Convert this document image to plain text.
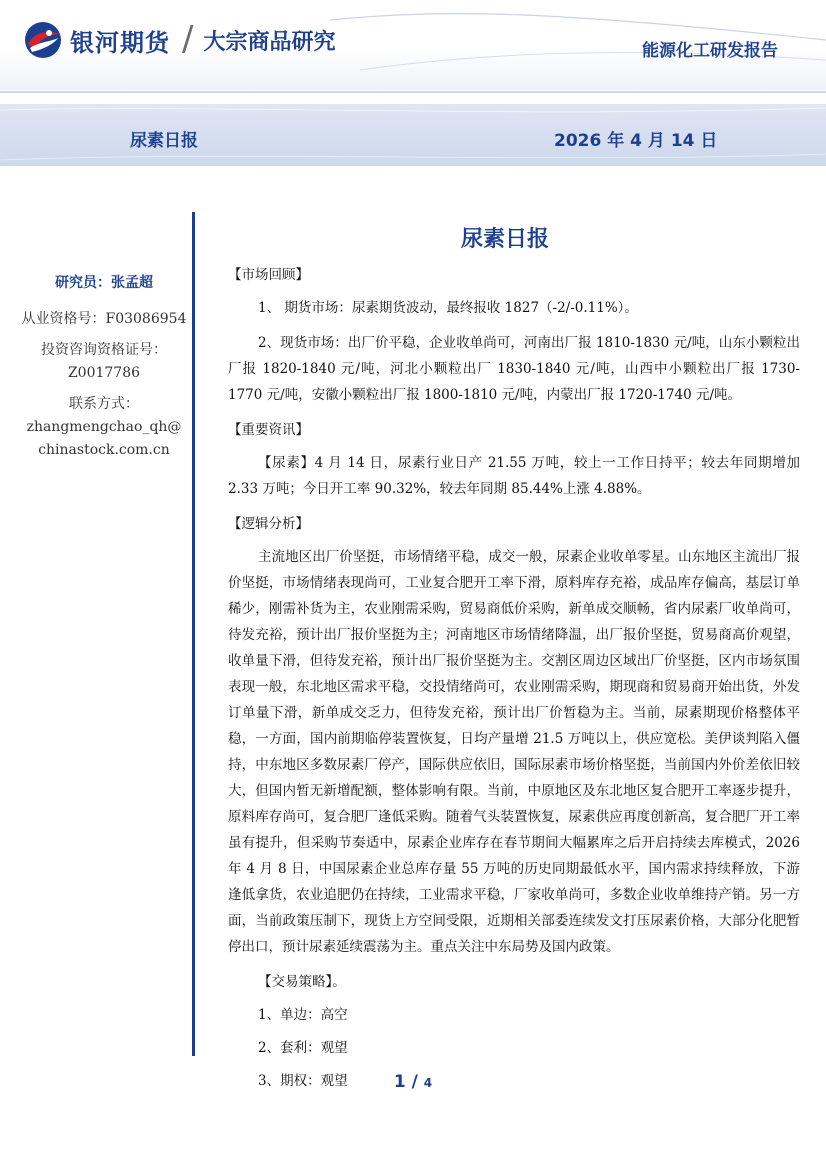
银河期货 / 大宗商品研究	能源化工研发报告
尿素日报	2026 年 4 月 14 日
研究员：张孟超
从业资格号：F03086954
投资咨询资格证号：
Z0017786
联系方式：
zhangmengchao_qh@
chinastock.com.cn
尿素日报

【市场回顾】

1、 期货市场：尿素期货波动，最终报收 1827（-2/-0.11%）。

2、现货市场：出厂价平稳，企业收单尚可，河南出厂报 1810-1830 元/吨，山东小颗粒出厂报 1820-1840 元/吨，河北小颗粒出厂 1830-1840 元/吨，山西中小颗粒出厂报 1730-1770 元/吨，安徽小颗粒出厂报 1800-1810 元/吨，内蒙出厂报 1720-1740 元/吨。

【重要资讯】

【尿素】4 月 14 日，尿素行业日产 21.55 万吨，较上一工作日持平；较去年同期增加 2.33 万吨；今日开工率 90.32%，较去年同期 85.44%上涨 4.88%。

【逻辑分析】

主流地区出厂价坚挺，市场情绪平稳，成交一般，尿素企业收单零星。山东地区主流出厂报价坚挺，市场情绪表现尚可，工业复合肥开工率下滑，原料库存充裕，成品库存偏高，基层订单稀少，刚需补货为主，农业刚需采购，贸易商低价采购，新单成交顺畅，省内尿素厂收单尚可，待发充裕，预计出厂报价坚挺为主；河南地区市场情绪降温，出厂报价坚挺，贸易商高价观望，收单量下滑，但待发充裕，预计出厂报价坚挺为主。交割区周边区域出厂价坚挺，区内市场氛围表现一般，东北地区需求平稳，交投情绪尚可，农业刚需采购，期现商和贸易商开始出货，外发订单量下滑，新单成交乏力，但待发充裕，预计出厂价暂稳为主。当前，尿素期现价格整体平稳，一方面，国内前期临停装置恢复，日均产量增 21.5 万吨以上，供应宽松。美伊谈判陷入僵持，中东地区多数尿素厂停产，国际供应依旧，国际尿素市场价格坚挺，当前国内外价差依旧较大，但国内暂无新增配额，整体影响有限。当前，中原地区及东北地区复合肥开工率逐步提升，原料库存尚可，复合肥厂逢低采购。随着气头装置恢复，尿素供应再度创新高，复合肥厂开工率虽有提升，但采购节奏适中，尿素企业库存在春节期间大幅累库之后开启持续去库模式，2026 年 4 月 8 日，中国尿素企业总库存量 55 万吨的历史同期最低水平，国内需求持续释放，下游逢低拿货，农业追肥仍在持续，工业需求平稳，厂家收单尚可，多数企业收单维持产销。另一方面，当前政策压制下，现货上方空间受限，近期相关部委连续发文打压尿素价格，大部分化肥暂停出口，预计尿素延续震荡为主。重点关注中东局势及国内政策。

【交易策略】。

1、单边：高空

2、套利：观望

3、期权：观望	1 / 4
